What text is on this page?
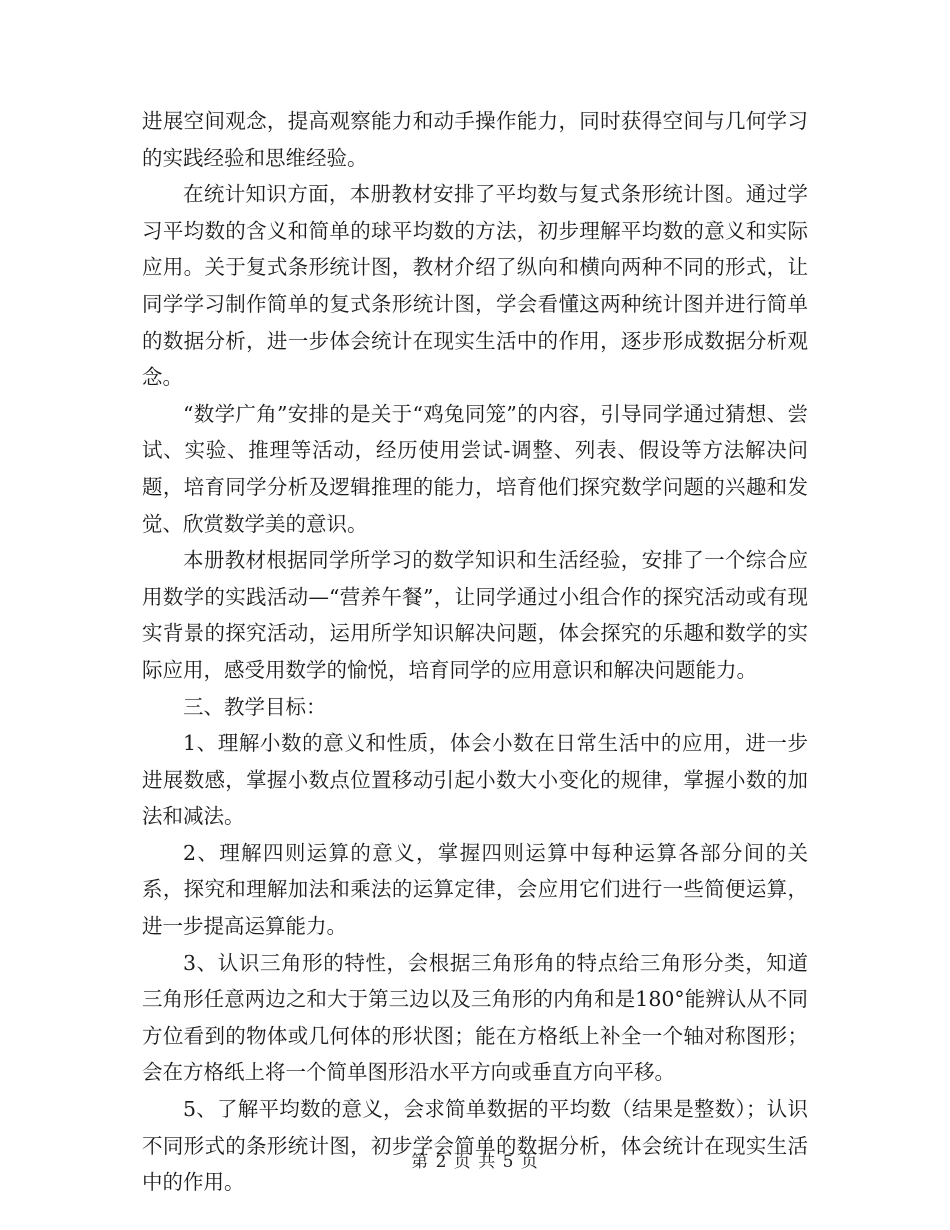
进展空间观念，提高观察能力和动手操作能力，同时获得空间与几何学习的实践经验和思维经验。

在统计知识方面，本册教材安排了平均数与复式条形统计图。通过学习平均数的含义和简单的球平均数的方法，初步理解平均数的意义和实际应用。关于复式条形统计图，教材介绍了纵向和横向两种不同的形式，让同学学习制作简单的复式条形统计图，学会看懂这两种统计图并进行简单的数据分析，进一步体会统计在现实生活中的作用，逐步形成数据分析观念。

“数学广角”安排的是关于“鸡兔同笼”的内容，引导同学通过猜想、尝试、实验、推理等活动，经历使用尝试-调整、列表、假设等方法解决问题，培育同学分析及逻辑推理的能力，培育他们探究数学问题的兴趣和发觉、欣赏数学美的意识。

本册教材根据同学所学习的数学知识和生活经验，安排了一个综合应用数学的实践活动—“营养午餐”，让同学通过小组合作的探究活动或有现实背景的探究活动，运用所学知识解决问题，体会探究的乐趣和数学的实际应用，感受用数学的愉悦，培育同学的应用意识和解决问题能力。

三、教学目标：

1、理解小数的意义和性质，体会小数在日常生活中的应用，进一步进展数感，掌握小数点位置移动引起小数大小变化的规律，掌握小数的加法和减法。

2、理解四则运算的意义，掌握四则运算中每种运算各部分间的关系，探究和理解加法和乘法的运算定律，会应用它们进行一些简便运算，进一步提高运算能力。

3、认识三角形的特性，会根据三角形角的特点给三角形分类，知道三角形任意两边之和大于第三边以及三角形的内角和是180°能辨认从不同方位看到的物体或几何体的形状图；能在方格纸上补全一个轴对称图形；会在方格纸上将一个简单图形沿水平方向或垂直方向平移。

5、了解平均数的意义，会求简单数据的平均数（结果是整数）；认识不同形式的条形统计图，初步学会简单的数据分析，体会统计在现实生活中的作用。

第 2 页 共 5 页
